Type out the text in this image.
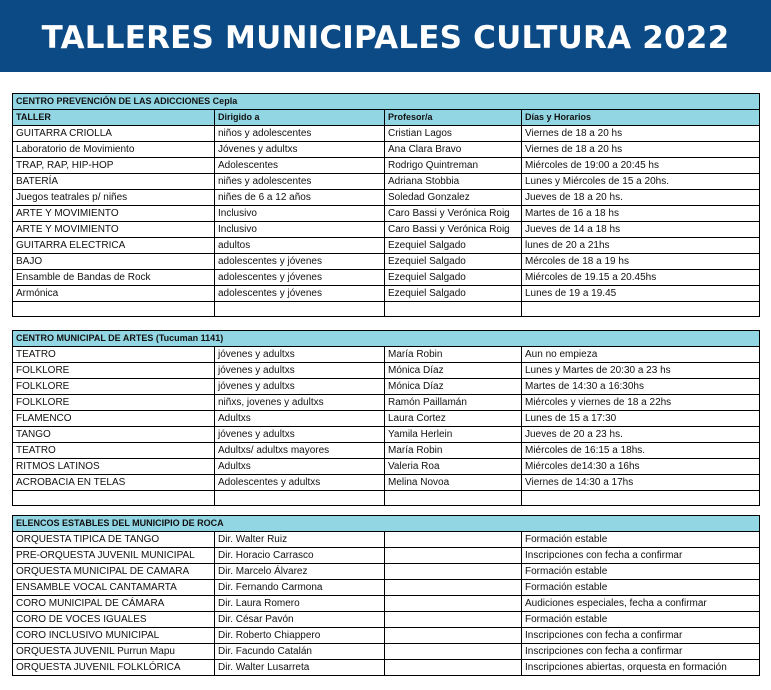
TALLERES MUNICIPALES CULTURA 2022
CENTRO PREVENCIÓN DE LAS ADICCIONES Cepla			
TALLER	Dirigido a	Profesor/a	Días y Horarios
GUITARRA CRIOLLA	niños y adolescentes	Cristian Lagos	Viernes de 18 a 20 hs
Laboratorio de Movimiento	Jóvenes y adultxs	Ana Clara Bravo	Viernes de 18 a 20 hs
TRAP, RAP, HIP-HOP	Adolescentes	Rodrigo Quintreman	Miércoles de 19:00 a 20:45 hs
BATERÍA	niñes y adolescentes	Adriana Stobbia	Lunes y Miércoles de 15 a 20hs.
Juegos teatrales p/ niñes	niñes de 6 a 12 años	Soledad Gonzalez	Jueves de 18 a 20 hs.
ARTE Y MOVIMIENTO	Inclusivo	Caro Bassi y Verónica Roig	Martes de 16 a 18 hs
ARTE Y MOVIMIENTO	Inclusivo	Caro Bassi y Verónica Roig	Jueves de 14 a 18 hs
GUITARRA ELECTRICA	adultos	Ezequiel Salgado	lunes de 20 a 21hs
BAJO	adolescentes y jóvenes	Ezequiel Salgado	Mércoles de 18 a 19 hs
Ensamble de Bandas de Rock	adolescentes y jóvenes	Ezequiel Salgado	Miércoles de 19.15 a 20.45hs
Armónica	adolescentes y jóvenes	Ezequiel Salgado	Lunes de 19 a 19.45

CENTRO MUNICIPAL DE ARTES (Tucuman 1141)			
TEATRO	jóvenes y adultxs	María Robin	Aun no empieza
FOLKLORE	jóvenes y adultxs	Mónica Díaz	Lunes y Martes de 20:30 a 23 hs
FOLKLORE	jóvenes y adultxs	Mónica Díaz	Martes de 14:30 a 16:30hs
FOLKLORE	niñxs, jovenes y adultxs	Ramón Paillamán	Miércoles y viernes de 18 a 22hs
FLAMENCO	Adultxs	Laura Cortez	Lunes de 15 a 17:30
TANGO	jóvenes y adultxs	Yamila Herlein	Jueves de 20 a 23 hs.
TEATRO	Adultxs/ adultxs mayores	María Robin	Miércoles de 16:15 a 18hs.
RITMOS LATINOS	Adultxs	Valeria Roa	Miércoles de14:30 a 16hs
ACROBACIA EN TELAS	Adolescentes y adultxs	Melina Novoa	Viernes de 14:30 a 17hs

ELENCOS ESTABLES DEL MUNICIPIO DE ROCA			
ORQUESTA TIPICA DE TANGO	Dir. Walter Ruiz		Formación estable
PRE-ORQUESTA JUVENIL MUNICIPAL	Dir. Horacio Carrasco		Inscripciones con fecha a confirmar
ORQUESTA MUNICIPAL DE CAMARA	Dir. Marcelo Álvarez		Formación estable
ENSAMBLE VOCAL CANTAMARTA	Dir. Fernando Carmona		Formación estable
CORO MUNICIPAL DE CÁMARA	Dir. Laura Romero		Audiciones especiales, fecha a confirmar
CORO DE VOCES IGUALES	Dir. César Pavón		Formación estable
CORO INCLUSIVO MUNICIPAL	Dir. Roberto Chiappero		Inscripciones con fecha a confirmar
ORQUESTA JUVENIL Purrun Mapu	Dir. Facundo Catalán		Inscripciones con fecha a confirmar
ORQUESTA JUVENIL FOLKLÓRICA	Dir. Walter Lusarreta		Inscripciones abiertas, orquesta en formación
